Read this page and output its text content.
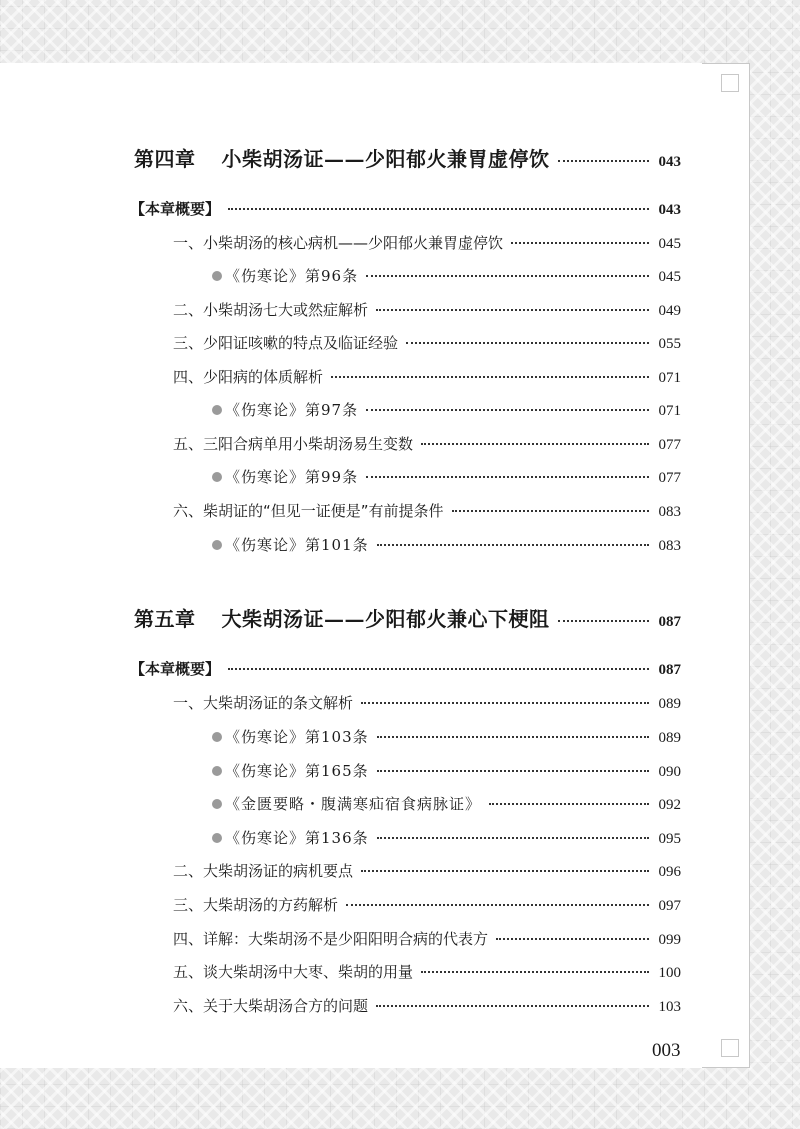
第四章 小柴胡汤证——少阳郁火兼胃虚停饮	043
【本章概要】	043
一、小柴胡汤的核心病机——少阳郁火兼胃虚停饮	045
《伤寒论》第96条	045
二、小柴胡汤七大或然症解析	049
三、少阳证咳嗽的特点及临证经验	055
四、少阳病的体质解析	071
《伤寒论》第97条	071
五、三阳合病单用小柴胡汤易生变数	077
《伤寒论》第99条	077
六、柴胡证的“但见一证便是”有前提条件	083
《伤寒论》第101条	083
第五章 大柴胡汤证——少阳郁火兼心下梗阻	087
【本章概要】	087
一、大柴胡汤证的条文解析	089
《伤寒论》第103条	089
《伤寒论》第165条	090
《金匮要略・腹满寒疝宿食病脉证》	092
《伤寒论》第136条	095
二、大柴胡汤证的病机要点	096
三、大柴胡汤的方药解析	097
四、详解：大柴胡汤不是少阳阳明合病的代表方	099
五、谈大柴胡汤中大枣、柴胡的用量	100
六、关于大柴胡汤合方的问题	103
003
